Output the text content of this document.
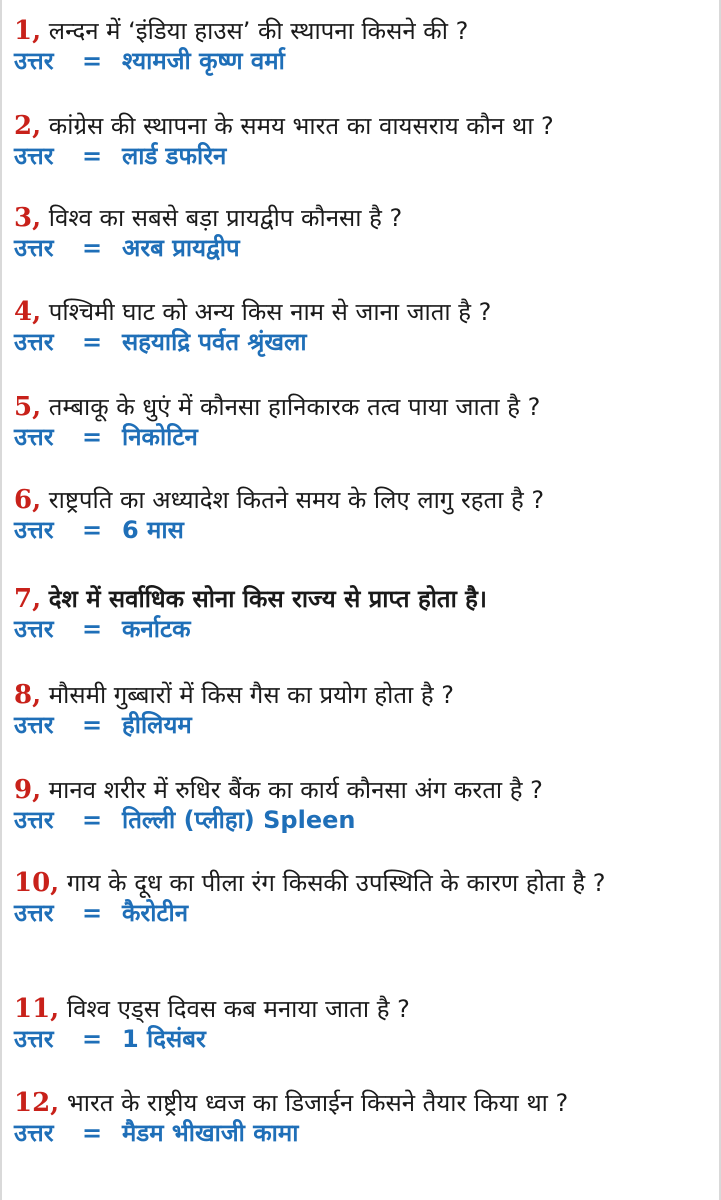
1, लन्दन में ‘इंडिया हाउस’ की स्थापना किसने की ?
उत्तर = श्यामजी कृष्ण वर्मा
2, कांग्रेस की स्थापना के समय भारत का वायसराय कौन था ?
उत्तर = लार्ड डफरिन
3, विश्व का सबसे बड़ा प्रायद्वीप कौनसा है ?
उत्तर = अरब प्रायद्वीप
4, पश्चिमी घाट को अन्य किस नाम से जाना जाता है ?
उत्तर = सहयाद्रि पर्वत श्रृंखला
5, तम्बाकू के धुएं में कौनसा हानिकारक तत्व पाया जाता है ?
उत्तर = निकोटिन
6, राष्ट्रपति का अध्यादेश कितने समय के लिए लागु रहता है ?
उत्तर = 6 मास
7, देश में सर्वाधिक सोना किस राज्य से प्राप्त होता है।
उत्तर = कर्नाटक
8, मौसमी गुब्बारों में किस गैस का प्रयोग होता है ?
उत्तर = हीलियम
9, मानव शरीर में रुधिर बैंक का कार्य कौनसा अंग करता है ?
उत्तर = तिल्ली (प्लीहा) Spleen
10, गाय के दूध का पीला रंग किसकी उपस्थिति के कारण होता है ?
उत्तर = कैरोटीन
11, विश्व एड्स दिवस कब मनाया जाता है ?
उत्तर = 1 दिसंबर
12, भारत के राष्ट्रीय ध्वज का डिजाईन किसने तैयार किया था ?
उत्तर = मैडम भीखाजी कामा
